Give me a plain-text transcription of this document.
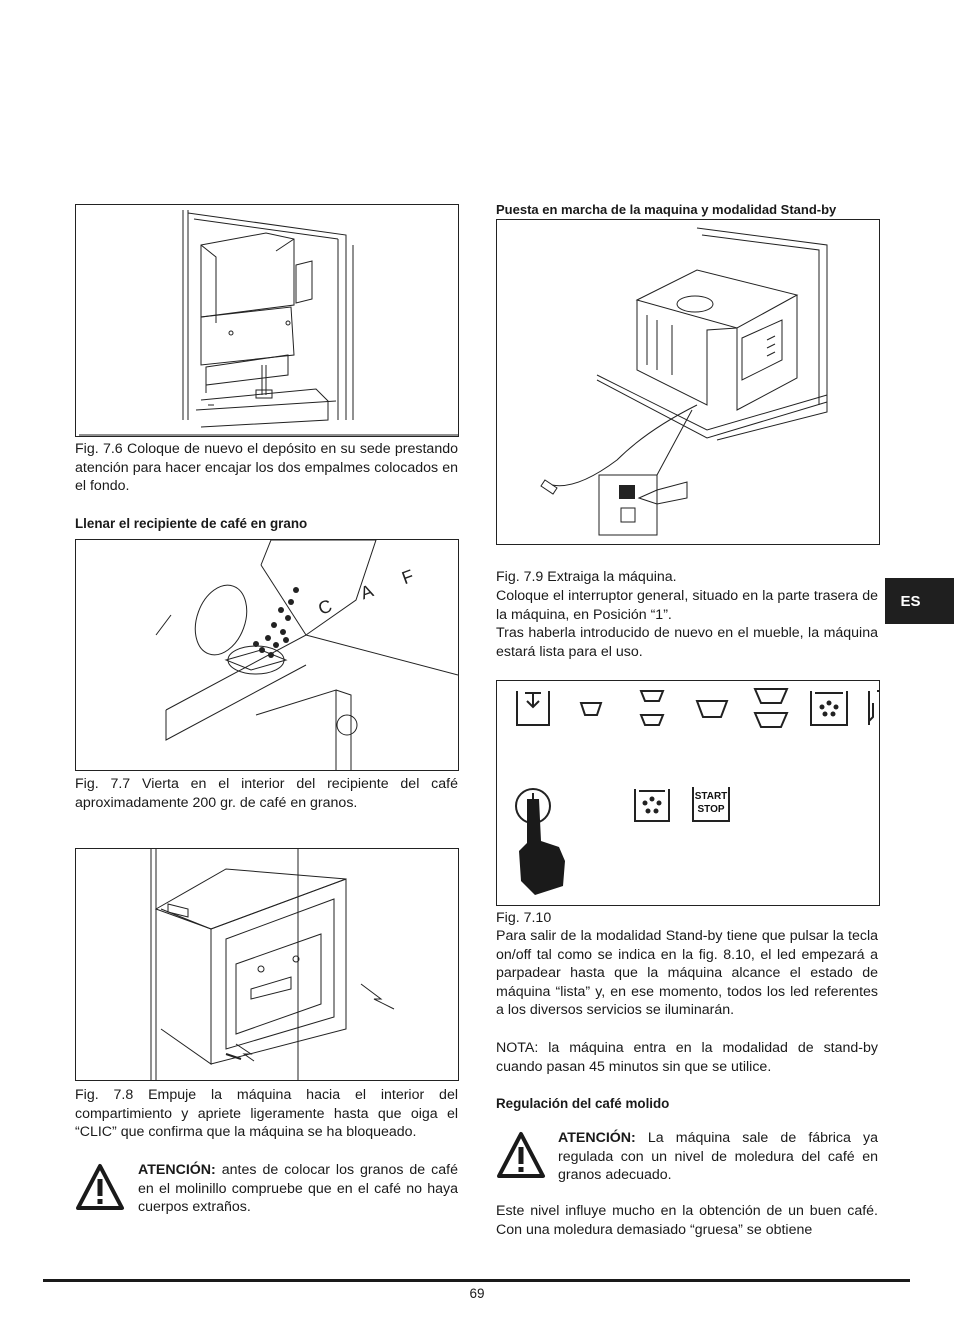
Fig. 7.6 Coloque de nuevo el depósito en su sede prestando atención para hacer encajar los dos empalmes colocados en el fondo.

Llenar el recipiente de café en grano

C A F

Fig. 7.7 Vierta en el interior del recipiente del café aproximadamente 200 gr. de café en granos.

Fig. 7.8 Empuje la máquina hacia el interior del compartimiento y apriete ligeramente hasta que oiga el “CLIC” que confirma que la máquina se ha bloqueado.

ATENCIÓN: antes de colocar los granos de café en el molinillo compruebe que en el café no haya cuerpos extraños.

Puesta en marcha de la maquina y modalidad Stand-by

Fig. 7.9 Extraiga la máquina.

Coloque el interruptor general, situado en la parte trasera de la máquina, en Posición “1”.

Tras haberla introducido de nuevo en el mueble, la máquina estará lista para el uso.

START
STOP

Fig. 7.10

Para salir de la modalidad Stand-by tiene que pulsar la tecla on/off tal como se indica en la fig. 8.10, el led empezará a parpadear hasta que la máquina alcance el estado de máquina “lista” y, en ese momento, todos los led referentes a los diversos servicios se iluminarán.

NOTA: la máquina entra en la modalidad de stand-by cuando pasan 45 minutos sin que se utilice.

Regulación del café molido

ATENCIÓN: La máquina sale de fábrica ya regulada con un nivel de moledura del café en granos adecuado.

Este nivel influye mucho en la obtención de un buen café. Con una moledura demasiado “gruesa” se obtiene

ES
69
